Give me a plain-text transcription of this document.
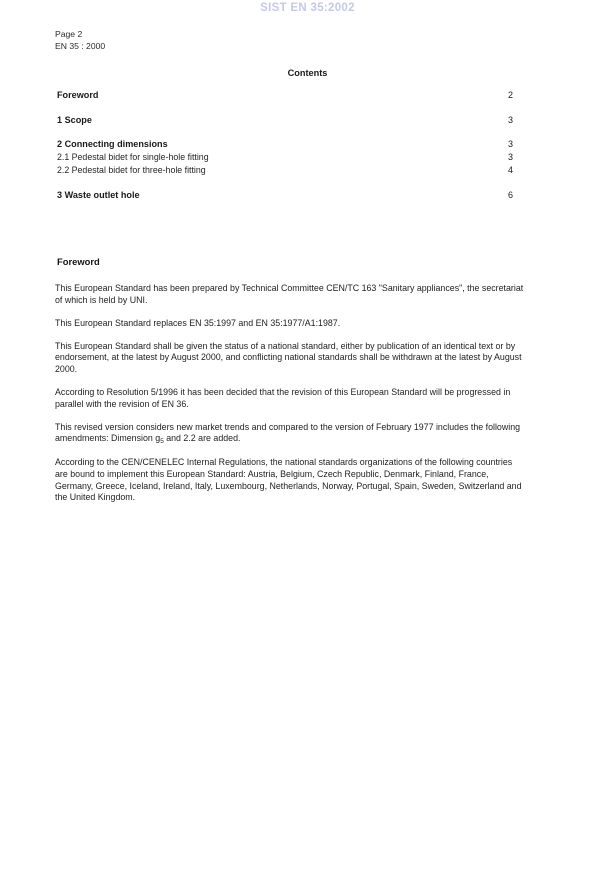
SIST EN 35:2002
Page 2
EN 35 : 2000
Contents
Foreword	2
1 Scope	3
2 Connecting dimensions	3
2.1 Pedestal bidet for single-hole fitting	3
2.2 Pedestal bidet for three-hole fitting	4
3 Waste outlet hole	6
Foreword

This European Standard has been prepared by Technical Committee CEN/TC 163 "Sanitary appliances", the secretariat of which is held by UNI.

This European Standard replaces EN 35:1997 and EN 35:1977/A1:1987.

This European Standard shall be given the status of a national standard, either by publication of an identical text or by endorsement, at the latest by August 2000, and conflicting national standards shall be withdrawn at the latest by August 2000.

According to Resolution 5/1996 it has been decided that the revision of this European Standard will be progressed in parallel with the revision of EN 36.

This revised version considers new market trends and compared to the version of February 1977 includes the following amendments: Dimension $g_5$ and 2.2 are added.

According to the CEN/CENELEC Internal Regulations, the national standards organizations of the following countries are bound to implement this European Standard: Austria, Belgium, Czech Republic, Denmark, Finland, France, Germany, Greece, Iceland, Ireland, Italy, Luxembourg, Netherlands, Norway, Portugal, Spain, Sweden, Switzerland and the United Kingdom.
